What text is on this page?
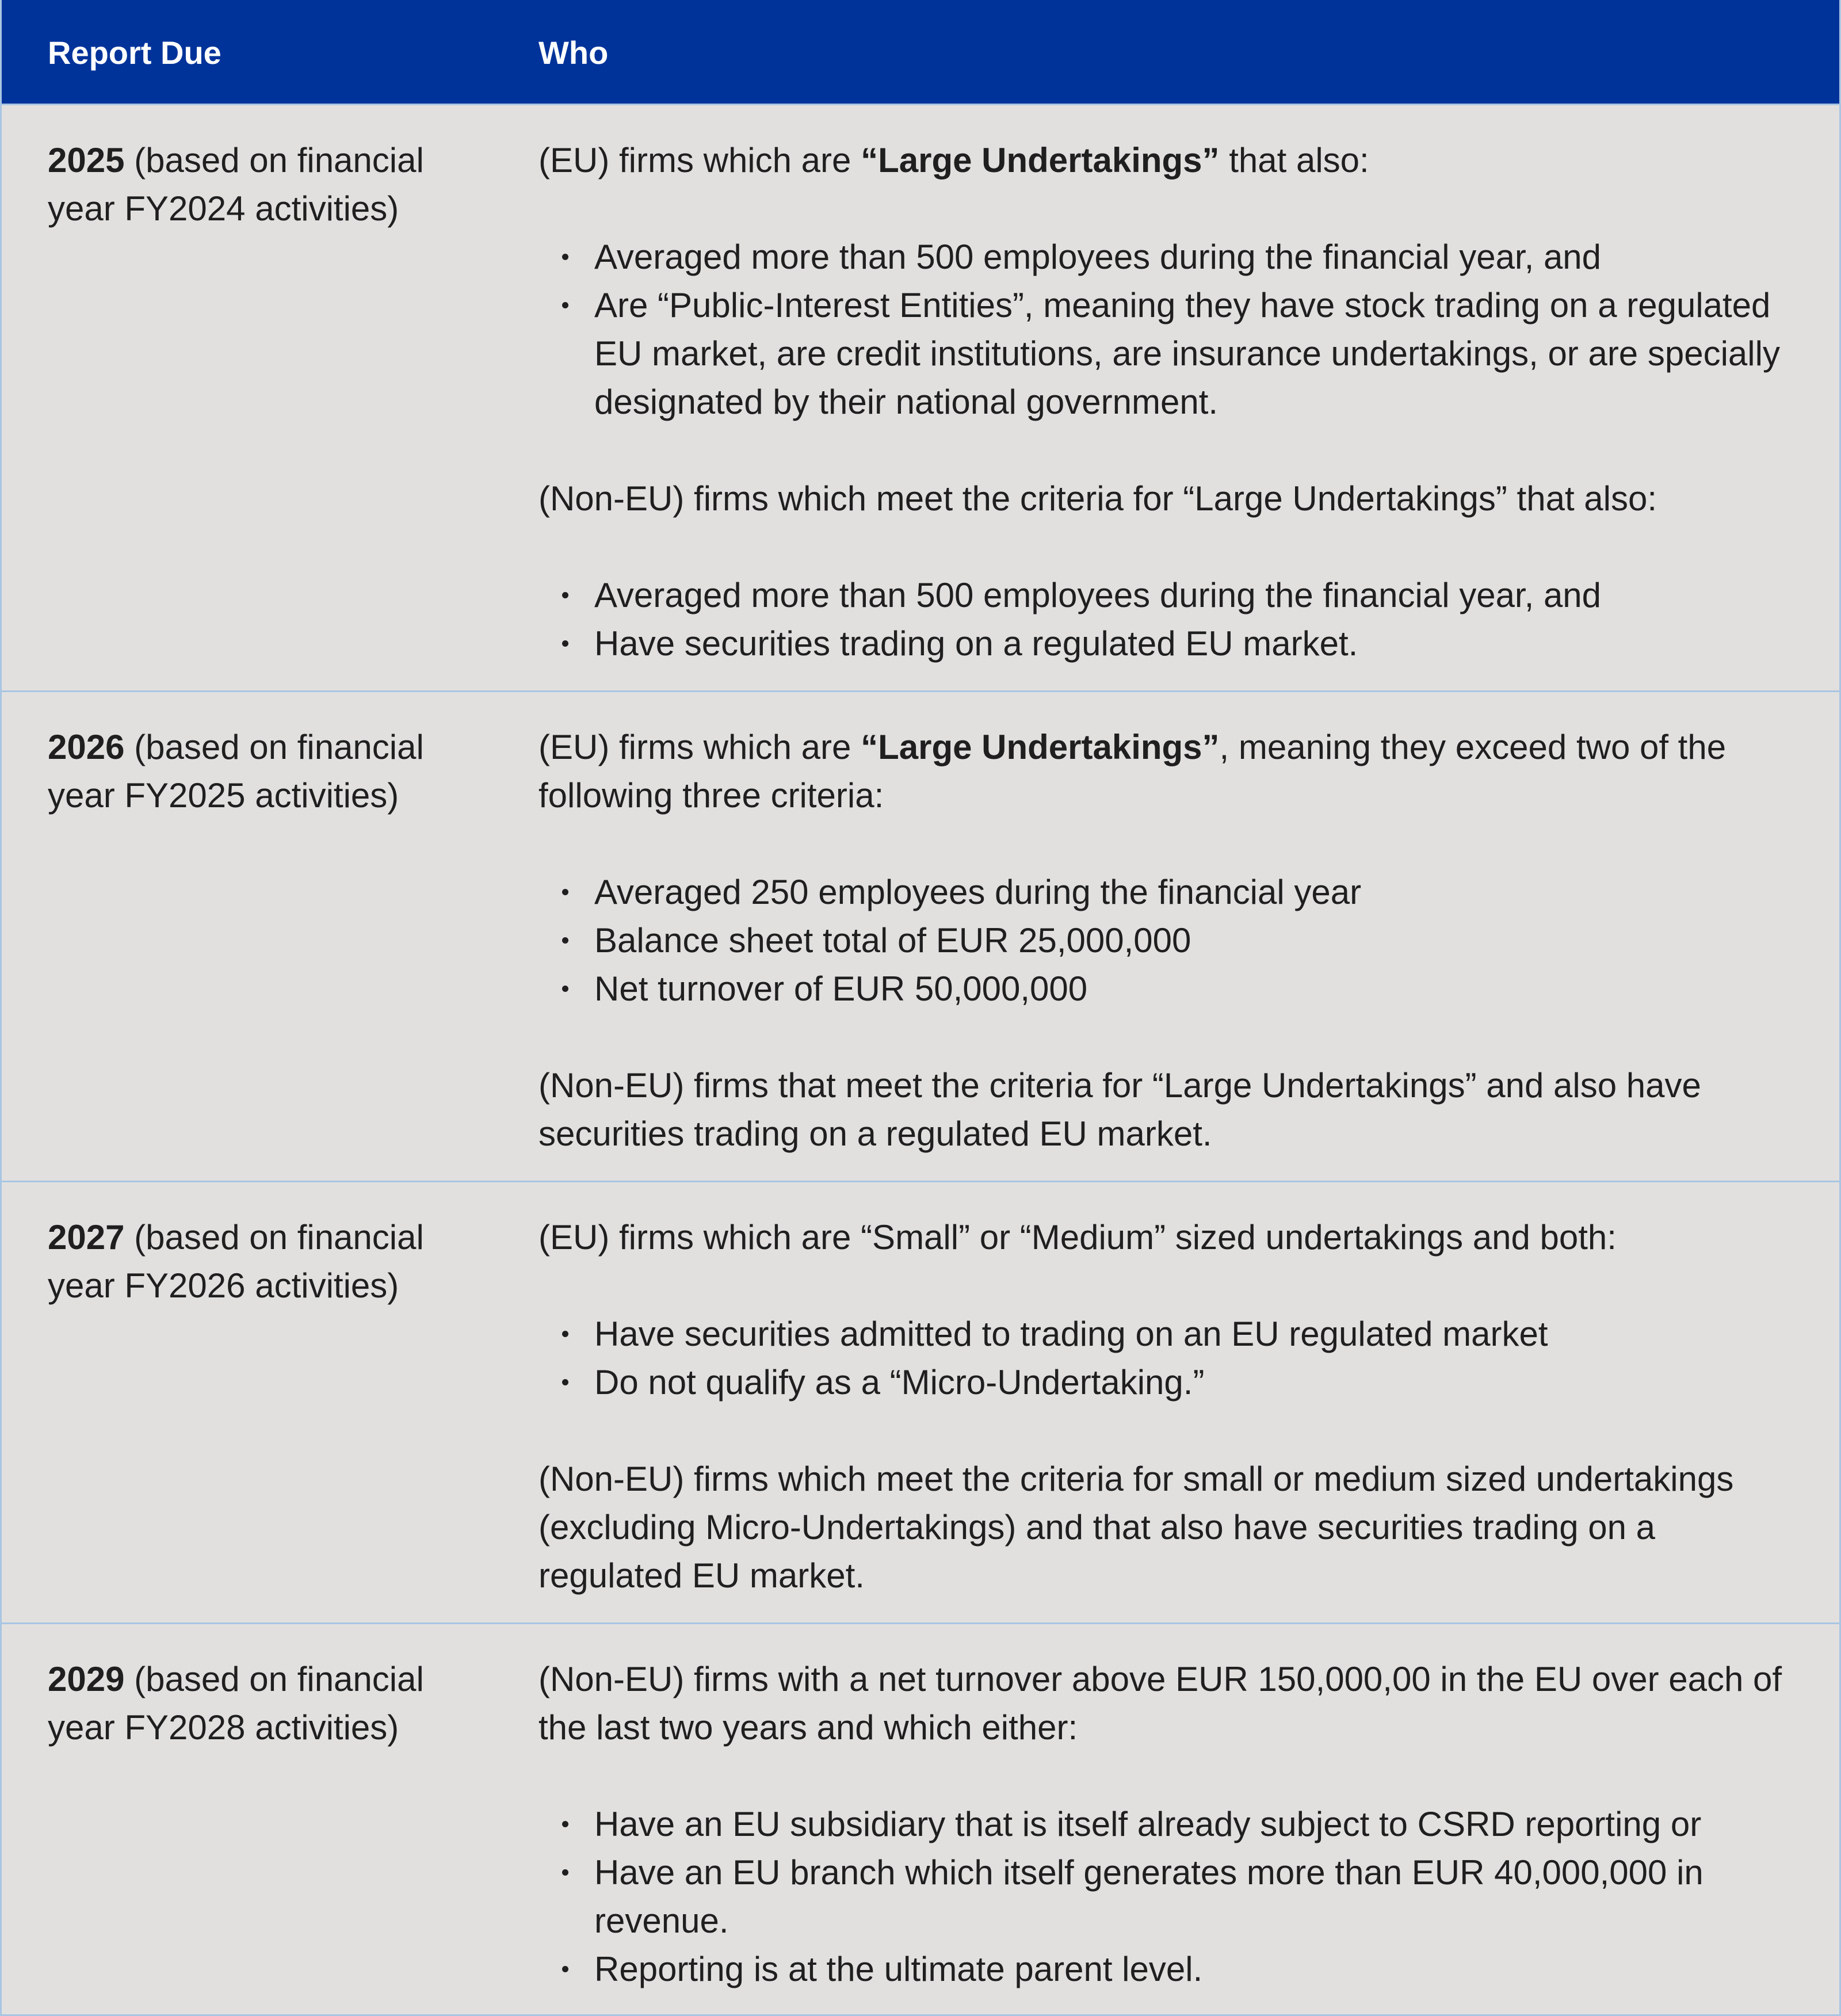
Report Due	Who
2025 (based on financial year FY2024 activities)

(EU) firms which are “Large Undertakings” that also:

Averaged more than 500 employees during the financial year, and
Are “Public-Interest Entities”, meaning they have stock trading on a regulated EU market, are credit institutions, are insurance undertakings, or are specially designated by their national government.

(Non-EU) firms which meet the criteria for “Large Undertakings” that also:

Averaged more than 500 employees during the financial year, and
Have securities trading on a regulated EU market.
2026 (based on financial year FY2025 activities)

(EU) firms which are “Large Undertakings”, meaning they exceed two of the following three criteria:

Averaged 250 employees during the financial year
Balance sheet total of EUR 25,000,000
Net turnover of EUR 50,000,000

(Non-EU) firms that meet the criteria for “Large Undertakings” and also have securities trading on a regulated EU market.

2027 (based on financial year FY2026 activities)

(EU) firms which are “Small” or “Medium” sized undertakings and both:

Have securities admitted to trading on an EU regulated market
Do not qualify as a “Micro-Undertaking.”

(Non-EU) firms which meet the criteria for small or medium sized undertakings (excluding Micro-Undertakings) and that also have securities trading on a regulated EU market.

2029 (based on financial year FY2028 activities)

(Non-EU) firms with a net turnover above EUR 150,000,00 in the EU over each of the last two years and which either:

Have an EU subsidiary that is itself already subject to CSRD reporting or
Have an EU branch which itself generates more than EUR 40,000,000 in revenue.
Reporting is at the ultimate parent level.
